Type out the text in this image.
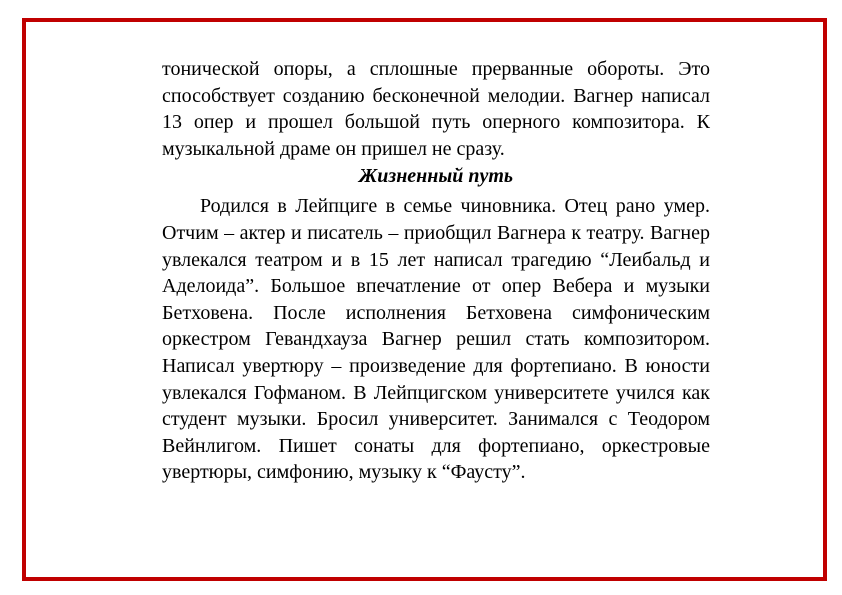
тонической опоры, а сплошные прерванные обороты. Это способствует созданию бесконечной мелодии. Вагнер написал 13 опер и прошел большой путь оперного композитора. К музыкальной драме он пришел не сразу.

Жизненный путь

Родился в Лейпциге в семье чиновника. Отец рано умер. Отчим – актер и писатель – приобщил Вагнера к театру. Вагнер увлекался театром и в 15 лет написал трагедию “Леибальд и Аделоида”. Большое впечатление от опер Вебера и музыки Бетховена. После исполнения Бетховена симфоническим оркестром Гевандхауза Вагнер решил стать композитором. Написал увертюру – произведение для фортепиано. В юности увлекался Гофманом. В Лейпцигском университете учился как студент музыки. Бросил университет. Занимался с Теодором Вейнлигом. Пишет сонаты для фортепиано, оркестровые увертюры, симфонию, музыку к “Фаусту”.
